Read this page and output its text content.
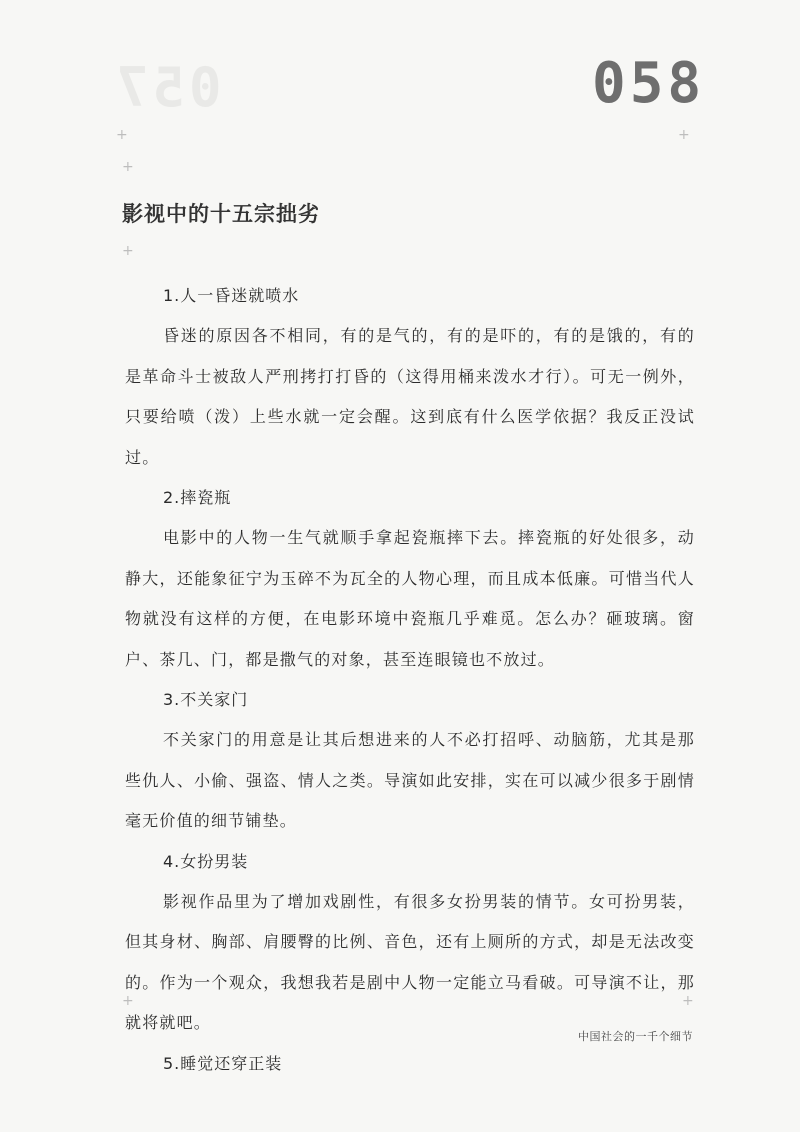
057	058
+	+
+
+
+	+
影视中的十五宗拙劣
1.人一昏迷就喷水
昏迷的原因各不相同，有的是气的，有的是吓的，有的是饿的，有的是革命斗士被敌人严刑拷打打昏的（这得用桶来泼水才行）。可无一例外，只要给喷（泼）上些水就一定会醒。这到底有什么医学依据？我反正没试过。
2.摔瓷瓶
电影中的人物一生气就顺手拿起瓷瓶摔下去。摔瓷瓶的好处很多，动静大，还能象征宁为玉碎不为瓦全的人物心理，而且成本低廉。可惜当代人物就没有这样的方便，在电影环境中瓷瓶几乎难觅。怎么办？砸玻璃。窗户、茶几、门，都是撒气的对象，甚至连眼镜也不放过。
3.不关家门
不关家门的用意是让其后想进来的人不必打招呼、动脑筋，尤其是那些仇人、小偷、强盗、情人之类。导演如此安排，实在可以减少很多于剧情毫无价值的细节铺垫。
4.女扮男装
影视作品里为了增加戏剧性，有很多女扮男装的情节。女可扮男装，但其身材、胸部、肩腰臀的比例、音色，还有上厕所的方式，却是无法改变的。作为一个观众，我想我若是剧中人物一定能立马看破。可导演不让，那就将就吧。
5.睡觉还穿正装
中国社会的一千个细节
